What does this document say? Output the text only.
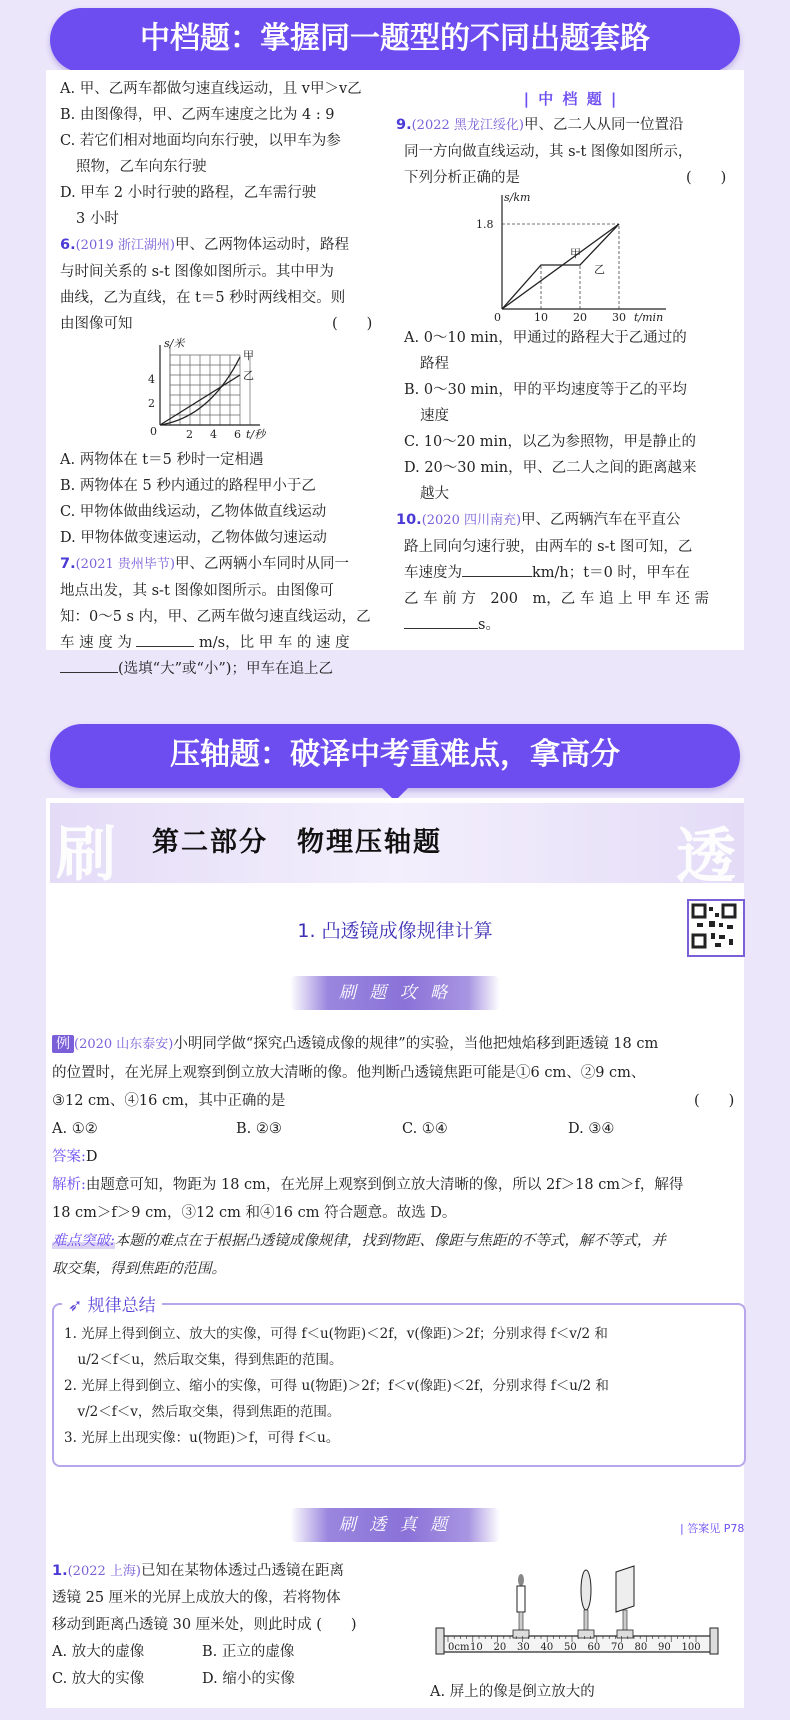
中档题：掌握同一题型的不同出题套路
A. 甲、乙两车都做匀速直线运动，且 v甲＞v乙
B. 由图像得，甲、乙两车速度之比为 4 : 9
C. 若它们相对地面均向东行驶，以甲车为参
照物，乙车向东行驶
D. 甲车 2 小时行驶的路程，乙车需行驶
3 小时
6.(2019 浙江湖州)甲、乙两物体运动时，路程
与时间关系的 s-t 图像如图所示。其中甲为
曲线，乙为直线，在 t＝5 秒时两线相交。则
由图像可知	(　　)
s/米
4
2
0	2 4 6 t/秒
甲
乙
A. 两物体在 t＝5 秒时一定相遇
B. 两物体在 5 秒内通过的路程甲小于乙
C. 甲物体做曲线运动，乙物体做直线运动
D. 甲物体做变速运动，乙物体做匀速运动
7.(2021 贵州毕节)甲、乙两辆小车同时从同一
地点出发，其 s-t 图像如图所示。由图像可
知：0～5 s 内，甲、乙两车做匀速直线运动，乙
车 速 度 为	m/s，比 甲 车 的 速 度
(选填“大”或“小”)；甲车在追上乙
| 中 档 题 |
9.(2022 黑龙江绥化)甲、乙二人从同一位置沿
同一方向做直线运动，其 s-t 图像如图所示，
下列分析正确的是	(　　)
s/km
1.8
0	10 20 30 t/min
甲
乙
A. 0～10 min，甲通过的路程大于乙通过的
路程
B. 0～30 min，甲的平均速度等于乙的平均
速度
C. 10～20 min，以乙为参照物，甲是静止的
D. 20～30 min，甲、乙二人之间的距离越来
越大
10.(2020 四川南充)甲、乙两辆汽车在平直公
路上同向匀速行驶，由两车的 s-t 图可知，乙
车速度为	km/h；t＝0 时，甲车在
乙 车 前 方　200　m，乙 车 追 上 甲 车 还 需
s。
压轴题：破译中考重难点，拿高分
刷 第二部分　物理压轴题	透
1. 凸透镜成像规律计算
刷 题 攻 略
例 (2020 山东泰安)小明同学做“探究凸透镜成像的规律”的实验，当他把烛焰移到距透镜 18 cm
的位置时，在光屏上观察到倒立放大清晰的像。他判断凸透镜焦距可能是①6 cm、②9 cm、
③12 cm、④16 cm，其中正确的是	(　　)
A. ①②	B. ②③	C. ①④	D. ③④
答案:D
解析:由题意可知，物距为 18 cm，在光屏上观察到倒立放大清晰的像，所以 2f＞18 cm＞f，解得
18 cm＞f＞9 cm，③12 cm 和④16 cm 符合题意。故选 D。
难点突破:本题的难点在于根据凸透镜成像规律，找到物距、像距与焦距的不等式，解不等式，并
取交集，得到焦距的范围。
➶ 规律总结
1. 光屏上得到倒立、放大的实像，可得 f＜u(物距)＜2f，v(像距)＞2f；分别求得 f＜v/2 和
　u/2＜f＜u，然后取交集，得到焦距的范围。
2. 光屏上得到倒立、缩小的实像，可得 u(物距)＞2f；f＜v(像距)＜2f，分别求得 f＜u/2 和
　v/2＜f＜v，然后取交集，得到焦距的范围。
3. 光屏上出现实像：u(物距)＞f，可得 f＜u。
刷 透 真 题	| 答案见 P78
1.(2022 上海)已知在某物体透过凸透镜在距离
透镜 25 厘米的光屏上成放大的像，若将物体
移动到距离凸透镜 30 厘米处，则此时成 (　　)
A. 放大的虚像	B. 正立的虚像
C. 放大的实像	D. 缩小的实像
10 20 30 40 50 60 70 80 90 100
0cm
A. 屏上的像是倒立放大的
